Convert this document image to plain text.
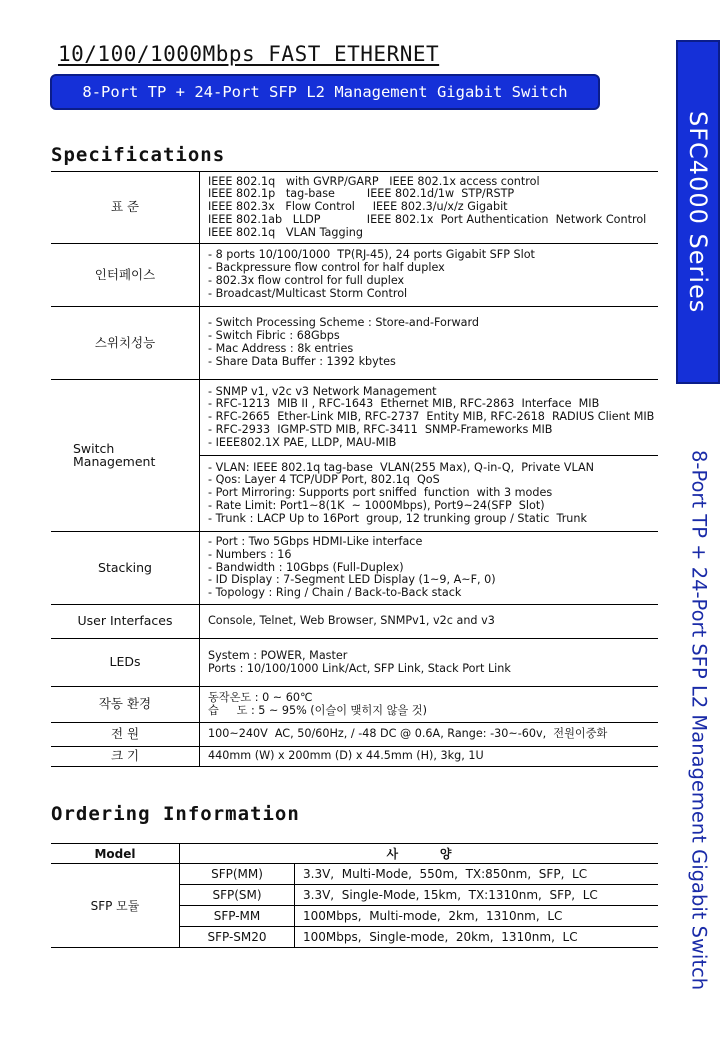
10/100/1000Mbps FAST ETHERNET
8-Port TP + 24-Port SFP L2 Management Gigabit Switch
Specifications
표 준	IEEE 802.1q   with GVRP/GARP   IEEE 802.1x access control
IEEE 802.1p   tag-base         IEEE 802.1d/1w  STP/RSTP
IEEE 802.3x   Flow Control     IEEE 802.3/u/x/z Gigabit
IEEE 802.1ab   LLDP             IEEE 802.1x  Port Authentication  Network Control
IEEE 802.1q   VLAN Tagging

인터페이스	- 8 ports 10/100/1000  TP(RJ-45), 24 ports Gigabit SFP Slot
- Backpressure flow control for half duplex
- 802.3x flow control for full duplex
- Broadcast/Multicast Storm Control

스위치성능	- Switch Processing Scheme : Store-and-Forward
- Switch Fibric : 68Gbps
- Mac Address : 8k entries
- Share Data Buffer : 1392 kbytes

Switch
Management	- SNMP v1, v2c v3 Network Management
- RFC-1213  MIB II , RFC-1643  Ethernet MIB, RFC-2863  Interface  MIB
- RFC-2665  Ether-Link MIB, RFC-2737  Entity MIB, RFC-2618  RADIUS Client MIB
- RFC-2933  IGMP-STD MIB, RFC-3411  SNMP-Frameworks MIB
- IEEE802.1X PAE, LLDP, MAU-MIB

	- VLAN: IEEE 802.1q tag-base  VLAN(255 Max), Q-in-Q,  Private VLAN
- Qos: Layer 4 TCP/UDP Port, 802.1q  QoS
- Port Mirroring: Supports port sniffed  function  with 3 modes
- Rate Limit: Port1~8(1K  ~ 1000Mbps), Port9~24(SFP  Slot)
- Trunk : LACP Up to 16Port  group, 12 trunking group / Static  Trunk

Stacking	- Port : Two 5Gbps HDMI-Like interface
- Numbers : 16
- Bandwidth : 10Gbps (Full-Duplex)
- ID Display : 7-Segment LED Display (1~9, A~F, 0)
- Topology : Ring / Chain / Back-to-Back stack

User Interfaces	Console, Telnet, Web Browser, SNMPv1, v2c and v3

LEDs	System : POWER, Master
Ports : 10/100/1000 Link/Act, SFP Link, Stack Port Link

작동 환경	동작온도 : 0 ~ 60℃
습     도 : 5 ~ 95% (이슬이 맺히지 않을 것)

전 원	100~240V  AC, 50/60Hz, / -48 DC @ 0.6A, Range: -30~-60v,  전원이중화

크 기	440mm (W) x 200mm (D) x 44.5mm (H), 3kg, 1U
Ordering Information
Model	사          양	
SFP 모듈	SFP(MM)	3.3V,  Multi-Mode,  550m,  TX:850nm,  SFP,  LC
	SFP(SM)	3.3V,  Single-Mode, 15km,  TX:1310nm,  SFP,  LC
	SFP-MM	100Mbps,  Multi-mode,  2km,  1310nm,  LC
	SFP-SM20	100Mbps,  Single-mode,  20km,  1310nm,  LC
SFC4000 Series
8-Port TP + 24-Port SFP L2 Management Gigabit Switch
